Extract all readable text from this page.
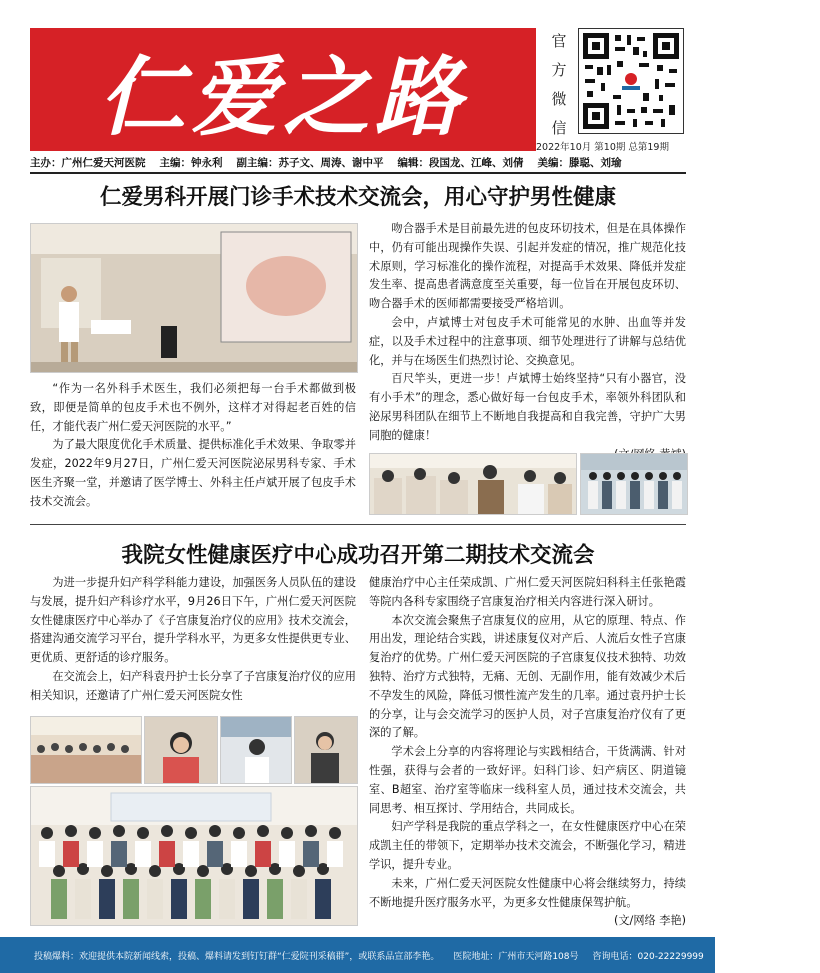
仁爱之路
官
方
微
信
2022年10月 第10期 总第19期
主办：广州仁爱天河医院 主编：钟永利 副主编：苏子文、周涛、谢中平 编辑：段国龙、江峰、刘倩 美编：滕聪、刘瑜
仁爱男科开展门诊手术技术交流会，用心守护男性健康

“作为一名外科手术医生，我们必须把每一台手术都做到极致，即便是简单的包皮手术也不例外，这样才对得起老百姓的信任，才能代表广州仁爱天河医院的水平。”

为了最大限度优化手术质量、提供标准化手术效果、争取零并发症，2022年9月27日，广州仁爱天河医院泌尿男科专家、手术医生齐聚一堂，并邀请了医学博士、外科主任卢斌开展了包皮手术技术交流会。

吻合器手术是目前最先进的包皮环切技术，但是在具体操作中，仍有可能出现操作失误、引起并发症的情况，推广规范化技术原则，学习标准化的操作流程，对提高手术效果、降低并发症发生率、提高患者满意度至关重要，每一位旨在开展包皮环切、吻合器手术的医师都需要接受严格培训。

会中，卢斌博士对包皮手术可能常见的水肿、出血等并发症，以及手术过程中的注意事项、细节处理进行了讲解与总结优化，并与在场医生们热烈讨论、交换意见。

百尺竿头，更进一步！卢斌博士始终坚持“只有小器官，没有小手术”的理念，悉心做好每一台包皮手术，率领外科团队和泌尿男科团队在细节上不断地自我提高和自我完善，守护广大男同胞的健康！

我院女性健康医疗中心成功召开第二期技术交流会

为进一步提升妇产科学科能力建设，加强医务人员队伍的建设与发展，提升妇产科诊疗水平，9月26日下午，广州仁爱天河医院女性健康医疗中心举办了《子宫康复治疗仪的应用》技术交流会，搭建沟通交流学习平台，提升学科水平，为更多女性提供更专业、更优质、更舒适的诊疗服务。

在交流会上，妇产科袁丹护士长分享了子宫康复治疗仪的应用相关知识，还邀请了广州仁爱天河医院女性

健康治疗中心主任荣成凯、广州仁爱天河医院妇科科主任张艳霞等院内各科专家围绕子宫康复治疗相关内容进行深入研讨。

本次交流会聚焦子宫康复仪的应用，从它的原理、特点、作用出发，理论结合实践，讲述康复仪对产后、人流后女性子宫康复治疗的优势。广州仁爱天河医院的子宫康复仪技术独特、功效独特、治疗方式独特，无痛、无创、无副作用，能有效减少术后不孕发生的风险，降低习惯性流产发生的几率。通过袁丹护士长的分享，让与会交流学习的医护人员，对子宫康复治疗仪有了更深的了解。

学术会上分享的内容将理论与实践相结合，干货满满、针对性强，获得与会者的一致好评。妇科门诊、妇产病区、阴道镜室、B超室、治疗室等临床一线科室人员，通过技术交流会，共同思考、相互探讨、学用结合，共同成长。

妇产学科是我院的重点学科之一，在女性健康医疗中心在荣成凯主任的带领下，定期举办技术交流会，不断强化学习，精进学识，提升专业。

未来，广州仁爱天河医院女性健康中心将会继续努力，持续不断地提升医疗服务水平，为更多女性健康保驾护航。

(文/网络 李艳)
投稿爆料：欢迎提供本院新闻线索，投稿、爆料请发到钉钉群“仁爱院刊采稿群”，或联系品宣部李艳。 医院地址：广州市天河路108号 咨询电话：020-22229999 官方网站：www.gzra.cn
